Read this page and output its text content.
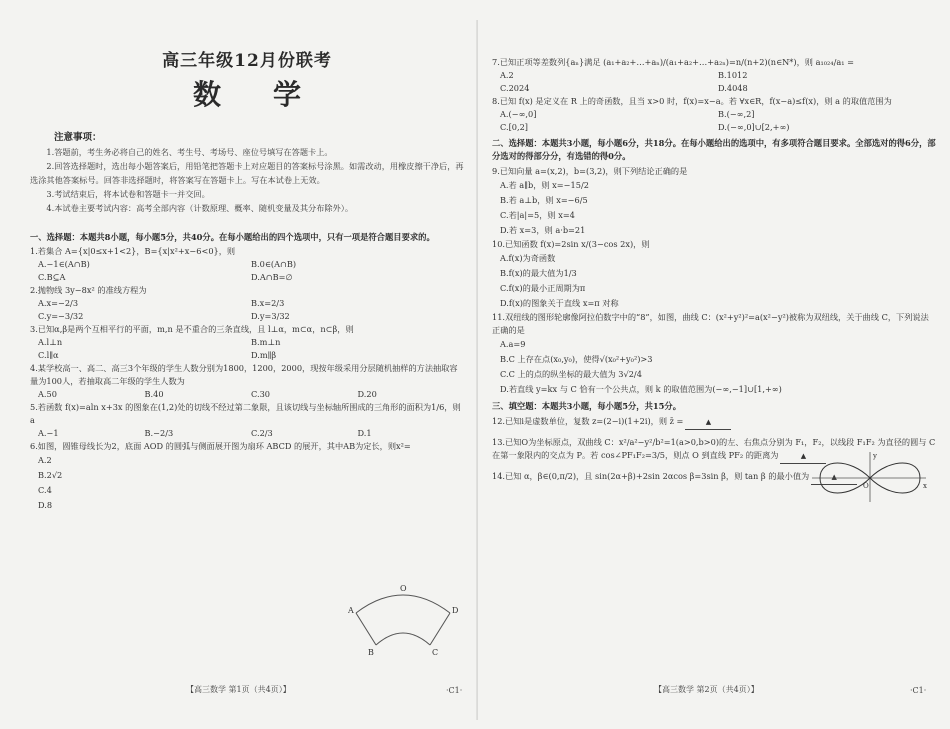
高三年级12月份联考
数学
注意事项：

1.答题前，考生务必将自己的姓名、考生号、考场号、座位号填写在答题卡上。

2.回答选择题时，选出每小题答案后，用铅笔把答题卡上对应题目的答案标号涂黑。如需改动，用橡皮擦干净后，再选涂其他答案标号。回答非选择题时，将答案写在答题卡上。写在本试卷上无效。

3.考试结束后，将本试卷和答题卡一并交回。

4.本试卷主要考试内容：高考全部内容（计数原理、概率、随机变量及其分布除外）。

一、选择题：本题共8小题，每小题5分，共40分。在每小题给出的四个选项中，只有一项是符合题目要求的。

1.若集合 A={x|0≤x+1<2}，B={x|x²+x−6<0}，则

A.−1∈(A∩B)	B.0∈(A∩B)
C.B⊆A	D.A∩B=∅

2.抛物线 3y−8x² 的准线方程为

A.x=−2/3	B.x=2/3
C.y=−3/32	D.y=3/32

3.已知α,β是两个互相平行的平面，m,n 是不重合的三条直线，且 l⊥α，m⊂α，n⊂β，则

A.l⊥n	B.m⊥n
C.l∥α	D.m∥β

4.某学校高一、高二、高三3个年级的学生人数分别为1800，1200，2000，现按年级采用分层随机抽样的方法抽取容量为100人，若抽取高二年级的学生人数为

A.50	B.40	C.30	D.20

5.若函数 f(x)=aln x+3x 的图象在(1,2)处的切线不经过第二象限，且该切线与坐标轴所围成的三角形的面积为1/6，则a

A.−1	B.−2/3	C.2/3	D.1

6.如图，圆锥母线长为2，底面 AOD 的圆弧与侧面展开图为扇环 ABCD 的展开，其中AB为定长，则x²=

A.2
B.2√2
C.4
D.8
A
O
D
B	C
【高三数学 第1页（共4页）】	·C1·

7.已知正项等差数列{aₙ}满足 (a₁+a₂+…+aₙ)/(a₁+a₂+…+a₂ₙ)=n/(n+2)(n∈N*)，则 a₁₀₂₄/a₁ =

A.2	B.1012
C.2024	D.4048

8.已知 f(x) 是定义在 R 上的奇函数，且当 x>0 时，f(x)=x−a。若 ∀x∈R，f(x−a)≤f(x)，则 a 的取值范围为

A.(−∞,0]	B.(−∞,2]
C.[0,2]	D.(−∞,0]∪[2,+∞)
二、选择题：本题共3小题，每小题6分，共18分。在每小题给出的选项中，有多项符合题目要求。全部选对的得6分，部分选对的得部分分，有选错的得0分。

9.已知向量 a=(x,2)，b=(3,2)，则下列结论正确的是

A.若 a∥b，则 x=−15/2
B.若 a⊥b，则 x=−6/5
C.若|a|=5，则 x=4
D.若 x=3，则 a·b=21

10.已知函数 f(x)=2sin x/(3−cos 2x)，则

A.f(x)为奇函数
B.f(x)的最大值为1/3
C.f(x)的最小正周期为π
D.f(x)的图象关于直线 x=π 对称

11.双纽线的图形轮廓像阿拉伯数字中的“8”，如图，曲线 C：(x²+y²)²=a(x²−y²)被称为双纽线，关于曲线 C，下列说法正确的是

A.a=9
B.C 上存在点(x₀,y₀)，使得√(x₀²+y₀²)>3
C.C 上的点的纵坐标的最大值为 3√2/4
D.若直线 y=kx 与 C 恰有一个公共点，则 k 的取值范围为(−∞,−1]∪[1,+∞)
三、填空题：本题共3小题，每小题5分，共15分。

12.已知i是虚数单位，复数 z=(2−i)(1+2i)，则 z̄ =	▲

13.已知O为坐标原点，双曲线 C：x²/a²−y²/b²=1(a>0,b>0)的左、右焦点分别为 F₁，F₂，以线段 F₁F₂ 为直径的圆与 C 在第一象限内的交点为 P。若 cos∠PF₁F₂=3/5，则点 O 到直线 PF₂ 的距离为	▲

14.已知 α，β∈(0,π/2)，且 sin(2α+β)+2sin 2αcos β=3sin β，则 tan β 的最小值为	▲

x
y
O
【高三数学 第2页（共4页）】	·C1·
